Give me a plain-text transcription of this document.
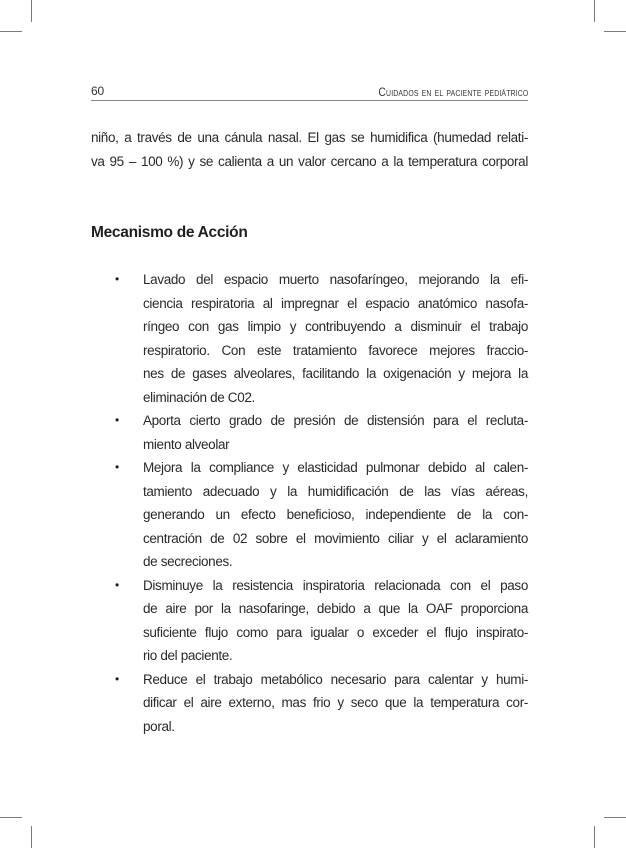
60	Cuidados en el paciente pediátrico
niño, a través de una cánula nasal. El gas se humidifica (humedad relati-
va 95 – 100 %) y se calienta a un valor cercano a la temperatura corporal
Mecanismo de Acción
• Lavado del espacio muerto nasofaríngeo, mejorando la efi-
ciencia respiratoria al impregnar el espacio anatómico nasofa-
ríngeo con gas limpio y contribuyendo a disminuir el trabajo
respiratorio. Con este tratamiento favorece mejores fraccio-
nes de gases alveolares, facilitando la oxigenación y mejora la
eliminación de C02.
• Aporta cierto grado de presión de distensión para el recluta-
miento alveolar
• Mejora la compliance y elasticidad pulmonar debido al calen-
tamiento adecuado y la humidificación de las vías aéreas,
generando un efecto beneficioso, independiente de la con-
centración de 02 sobre el movimiento ciliar y el aclaramiento
de secreciones.
• Disminuye la resistencia inspiratoria relacionada con el paso
de aire por la nasofaringe, debido a que la OAF proporciona
suficiente flujo como para igualar o exceder el flujo inspirato-
rio del paciente.
• Reduce el trabajo metabólico necesario para calentar y humi-
dificar el aire externo, mas frio y seco que la temperatura cor-
poral.
